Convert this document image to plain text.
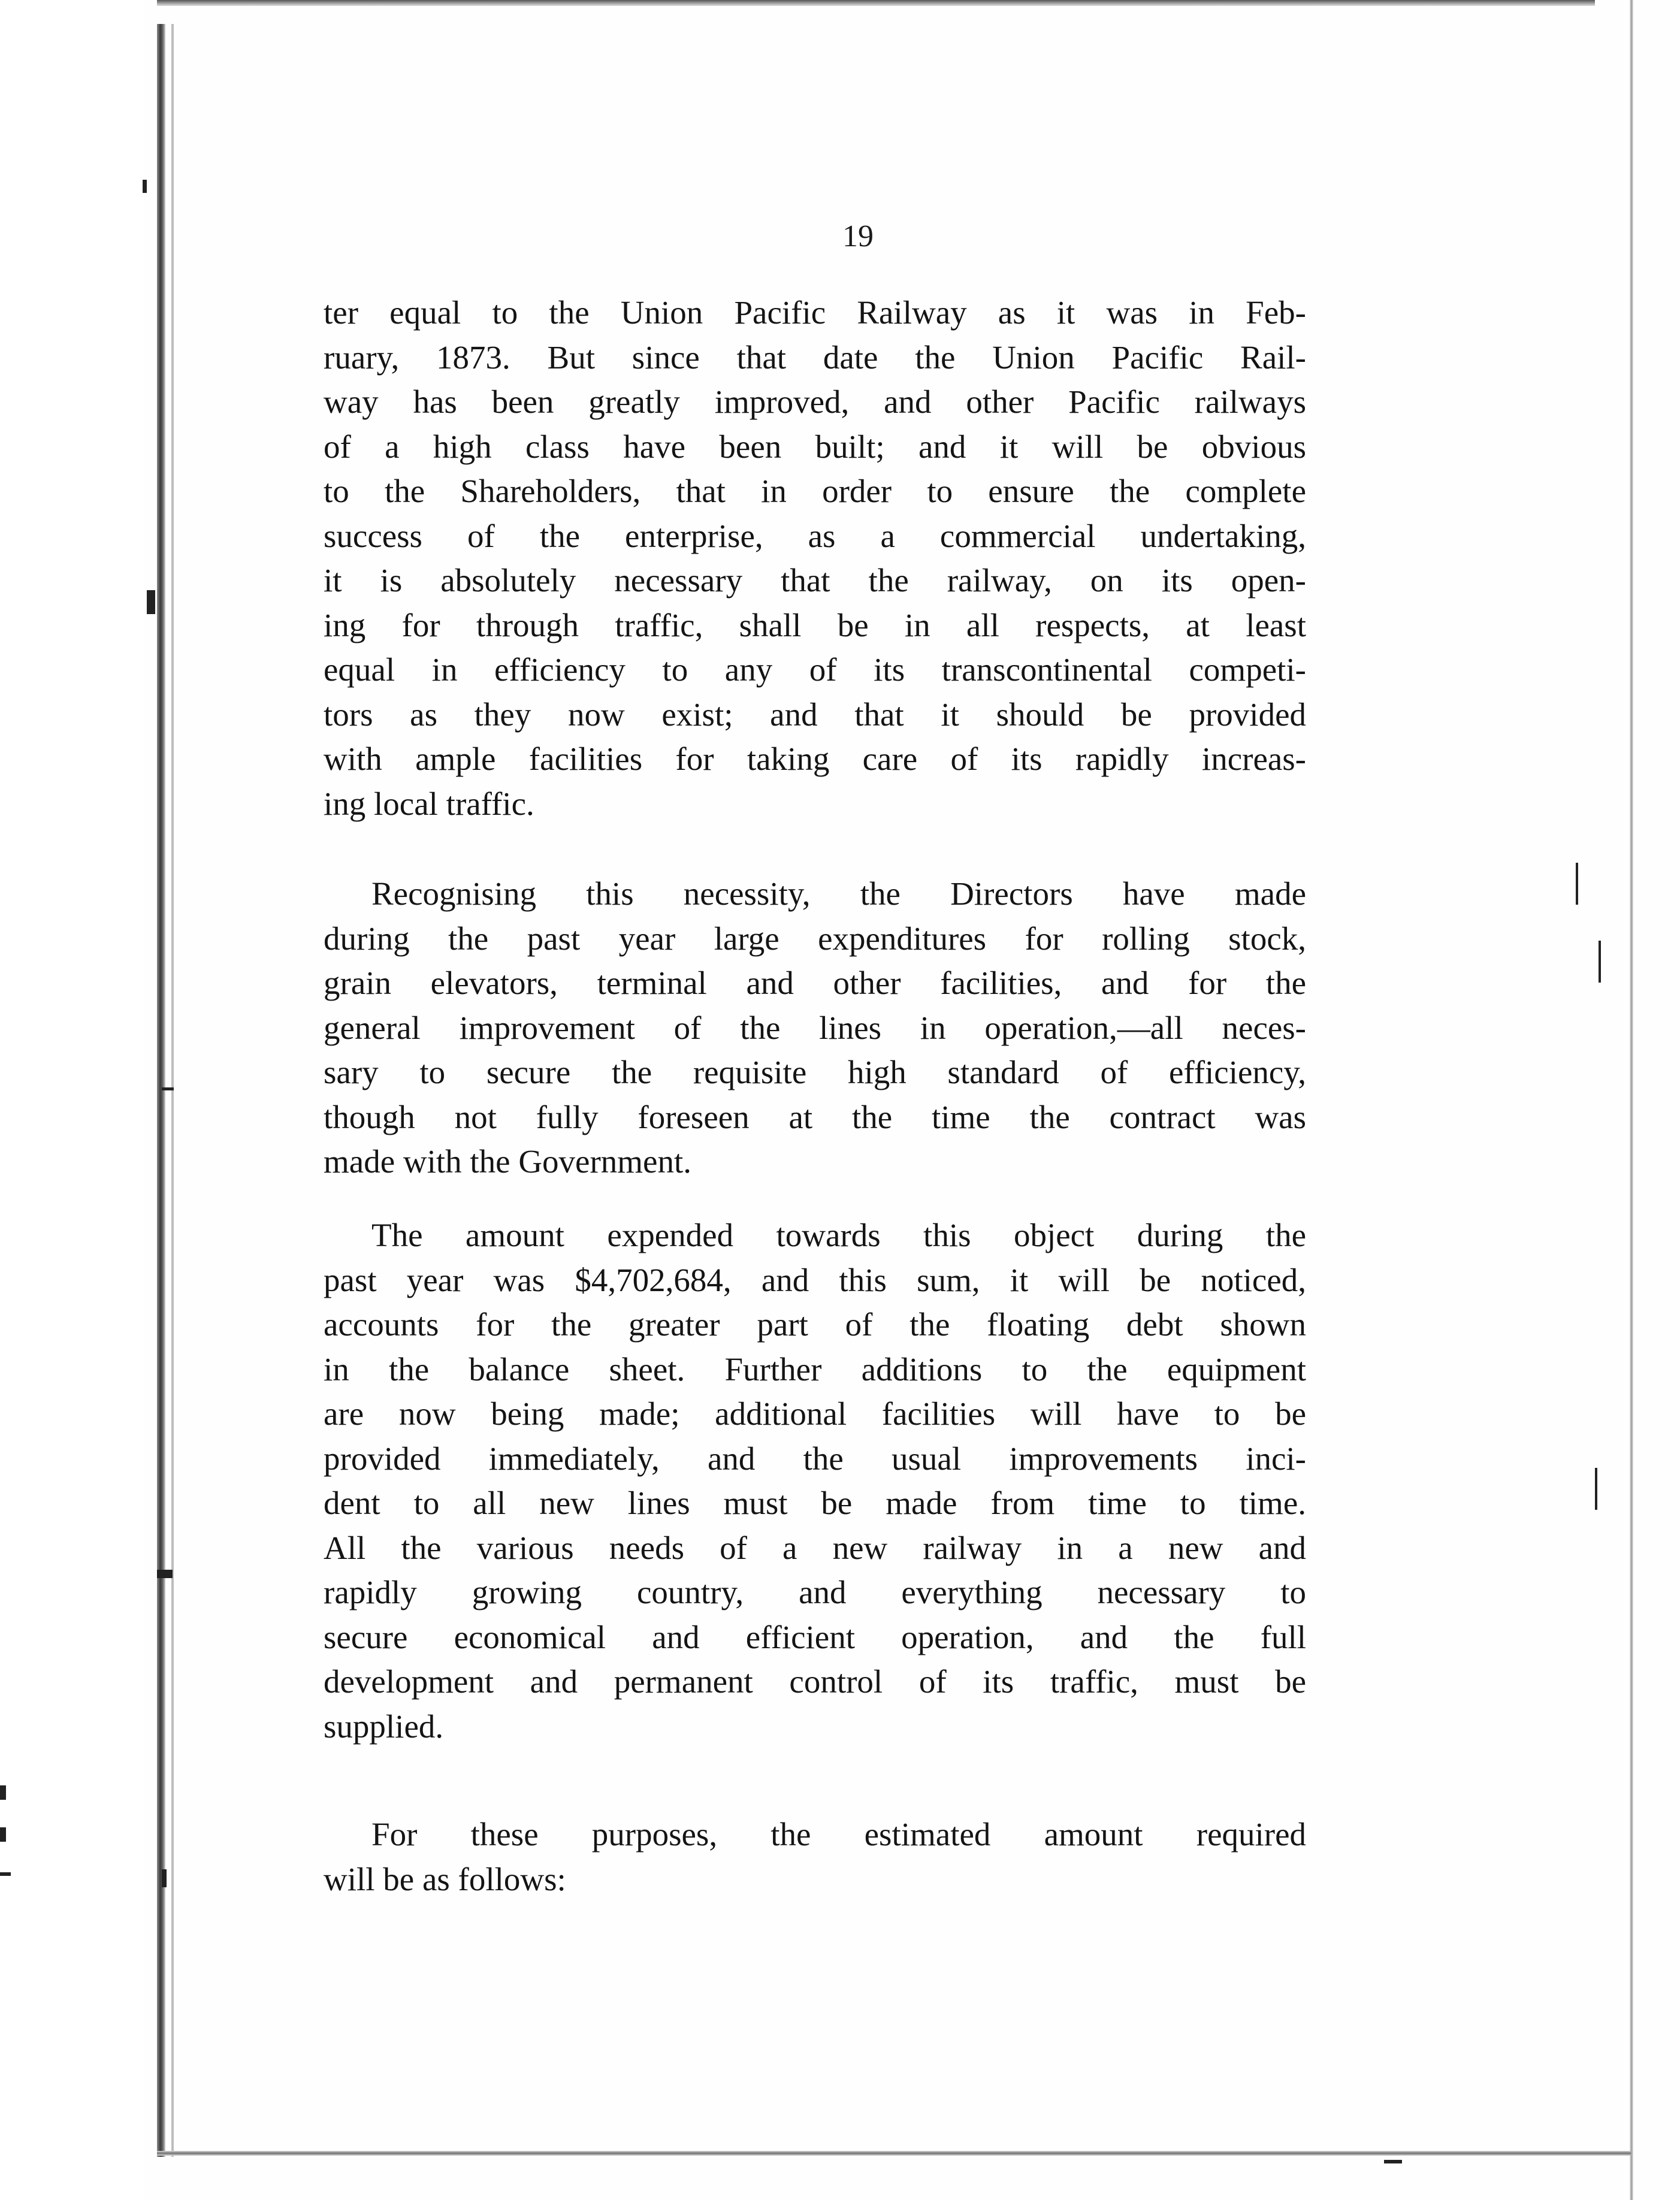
19
ter equal to the Union Pacific Railway as it was in Feb-
ruary, 1873. But since that date the Union Pacific Rail-
way has been greatly improved, and other Pacific railways
of a high class have been built; and it will be obvious
to the Shareholders, that in order to ensure the complete
success of the enterprise, as a commercial undertaking,
it is absolutely necessary that the railway, on its open-
ing for through traffic, shall be in all respects, at least
equal in efficiency to any of its transcontinental competi-
tors as they now exist; and that it should be provided
with ample facilities for taking care of its rapidly increas-
ing local traffic.
Recognising this necessity, the Directors have made
during the past year large expenditures for rolling stock,
grain elevators, terminal and other facilities, and for the
general improvement of the lines in operation,—all neces-
sary to secure the requisite high standard of efficiency,
though not fully foreseen at the time the contract was
made with the Government.
The amount expended towards this object during the
past year was $4,702,684, and this sum, it will be noticed,
accounts for the greater part of the floating debt shown
in the balance sheet. Further additions to the equipment
are now being made; additional facilities will have to be
provided immediately, and the usual improvements inci-
dent to all new lines must be made from time to time.
All the various needs of a new railway in a new and
rapidly growing country, and everything necessary to
secure economical and efficient operation, and the full
development and permanent control of its traffic, must be
supplied.
For these purposes, the estimated amount required
will be as follows:
